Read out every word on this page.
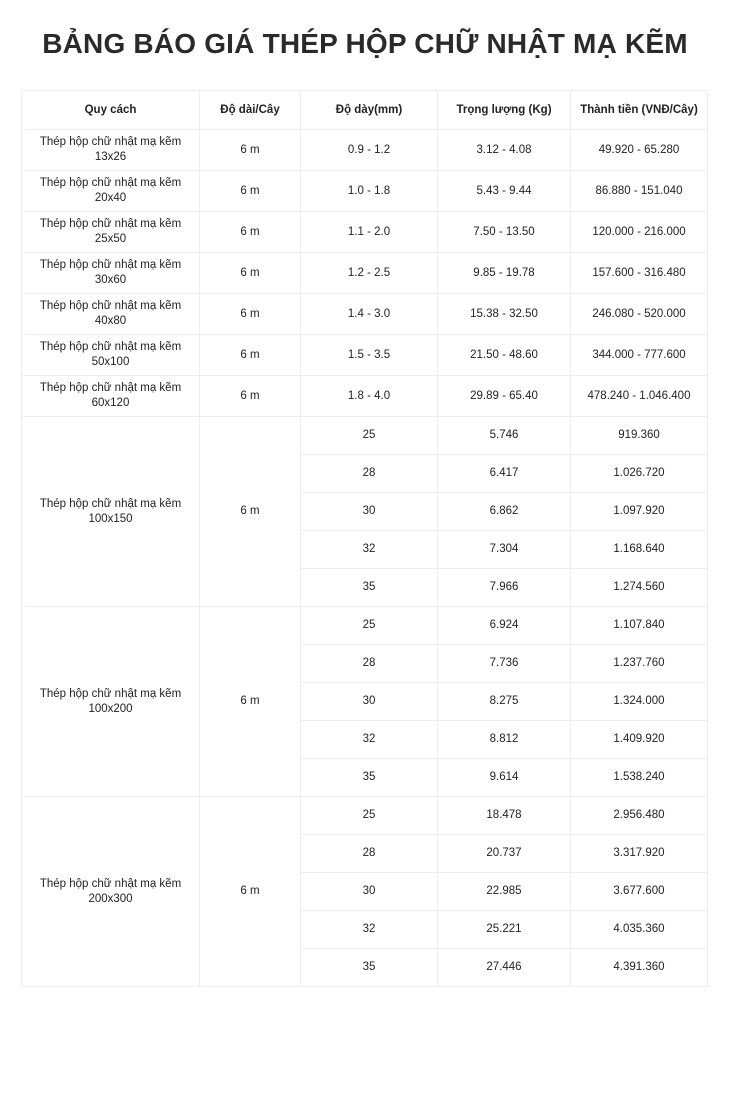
BẢNG BÁO GIÁ THÉP HỘP CHỮ NHẬT MẠ KẼM
Quy cách	Độ dài/Cây	Độ dày(mm)	Trọng lượng (Kg)	Thành tiền (VNĐ/Cây)
Thép hộp chữ nhật mạ kẽm 13x26	6 m	0.9 - 1.2	3.12 - 4.08	49.920 - 65.280
Thép hộp chữ nhật mạ kẽm 20x40	6 m	1.0 - 1.8	5.43 - 9.44	86.880 - 151.040
Thép hộp chữ nhật mạ kẽm 25x50	6 m	1.1 - 2.0	7.50 - 13.50	120.000 - 216.000
Thép hộp chữ nhật mạ kẽm 30x60	6 m	1.2 - 2.5	9.85 - 19.78	157.600 - 316.480
Thép hộp chữ nhật mạ kẽm 40x80	6 m	1.4 - 3.0	15.38 - 32.50	246.080 - 520.000
Thép hộp chữ nhật mạ kẽm 50x100	6 m	1.5 - 3.5	21.50 - 48.60	344.000 - 777.600
Thép hộp chữ nhật mạ kẽm 60x120	6 m	1.8 - 4.0	29.89 - 65.40	478.240 - 1.046.400
Thép hộp chữ nhật mạ kẽm 100x150	6 m	25	5.746	919.360
		28	6.417	1.026.720
		30	6.862	1.097.920
		32	7.304	1.168.640
		35	7.966	1.274.560
Thép hộp chữ nhật mạ kẽm 100x200	6 m	25	6.924	1.107.840
		28	7.736	1.237.760
		30	8.275	1.324.000
		32	8.812	1.409.920
		35	9.614	1.538.240
Thép hộp chữ nhật mạ kẽm 200x300	6 m	25	18.478	2.956.480
		28	20.737	3.317.920
		30	22.985	3.677.600
		32	25.221	4.035.360
		35	27.446	4.391.360
